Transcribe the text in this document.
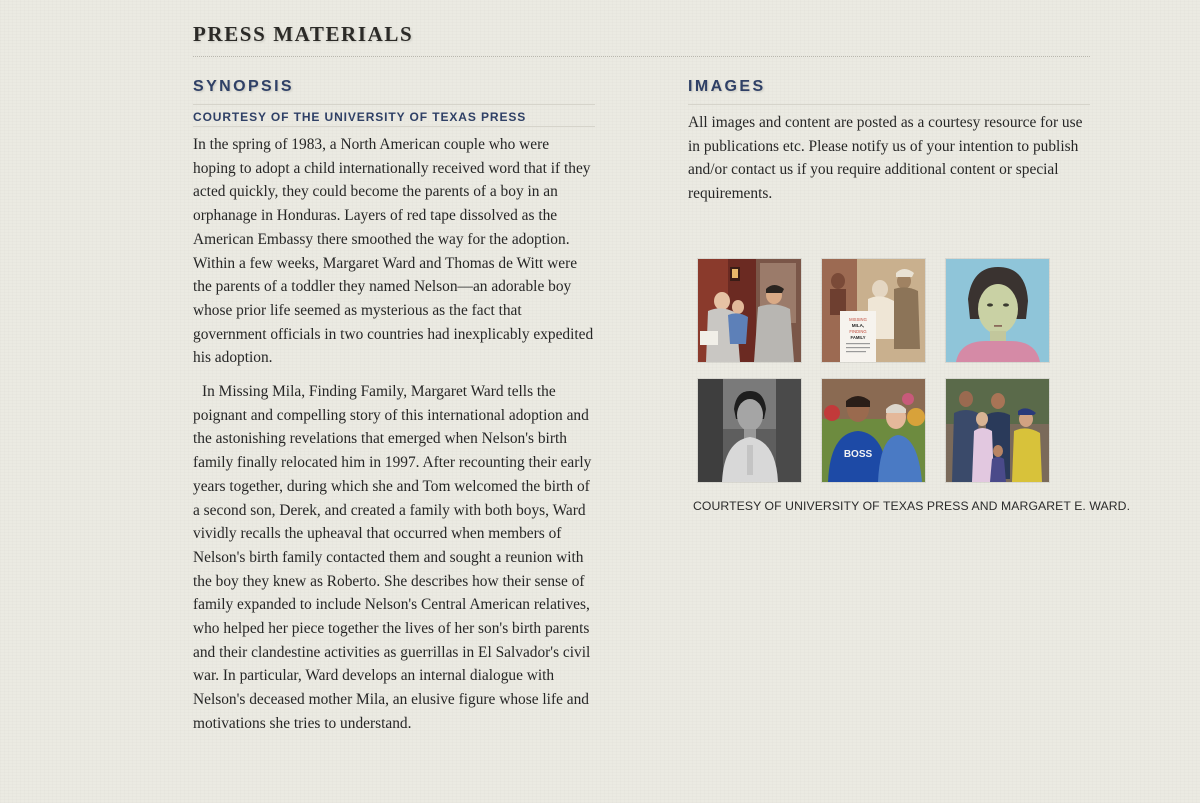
PRESS MATERIALS
SYNOPSIS
COURTESY OF THE UNIVERSITY OF TEXAS PRESS

In the spring of 1983, a North American couple who were hoping to adopt a child internationally received word that if they acted quickly, they could become the parents of a boy in an orphanage in Honduras. Layers of red tape dissolved as the American Embassy there smoothed the way for the adoption. Within a few weeks, Margaret Ward and Thomas de Witt were the parents of a toddler they named Nelson—an adorable boy whose prior life seemed as mysterious as the fact that government officials in two countries had inexplicably expedited his adoption.

In Missing Mila, Finding Family, Margaret Ward tells the poignant and compelling story of this international adoption and the astonishing revelations that emerged when Nelson's birth family finally relocated him in 1997. After recounting their early years together, during which she and Tom welcomed the birth of a second son, Derek, and created a family with both boys, Ward vividly recalls the upheaval that occurred when members of Nelson's birth family contacted them and sought a reunion with the boy they knew as Roberto. She describes how their sense of family expanded to include Nelson's Central American relatives, who helped her piece together the lives of her son's birth parents and their clandestine activities as guerrillas in El Salvador's civil war. In particular, Ward develops an internal dialogue with Nelson's deceased mother Mila, an elusive figure whose life and motivations she tries to understand.

IMAGES

All images and content are posted as a courtesy resource for use in publications etc. Please notify us of your intention to publish and/or contact us if you require additional content or special requirements.

MISSING
MILA,
FINDING
FAMILY
BOSS

COURTESY OF UNIVERSITY OF TEXAS PRESS AND MARGARET E. WARD.
